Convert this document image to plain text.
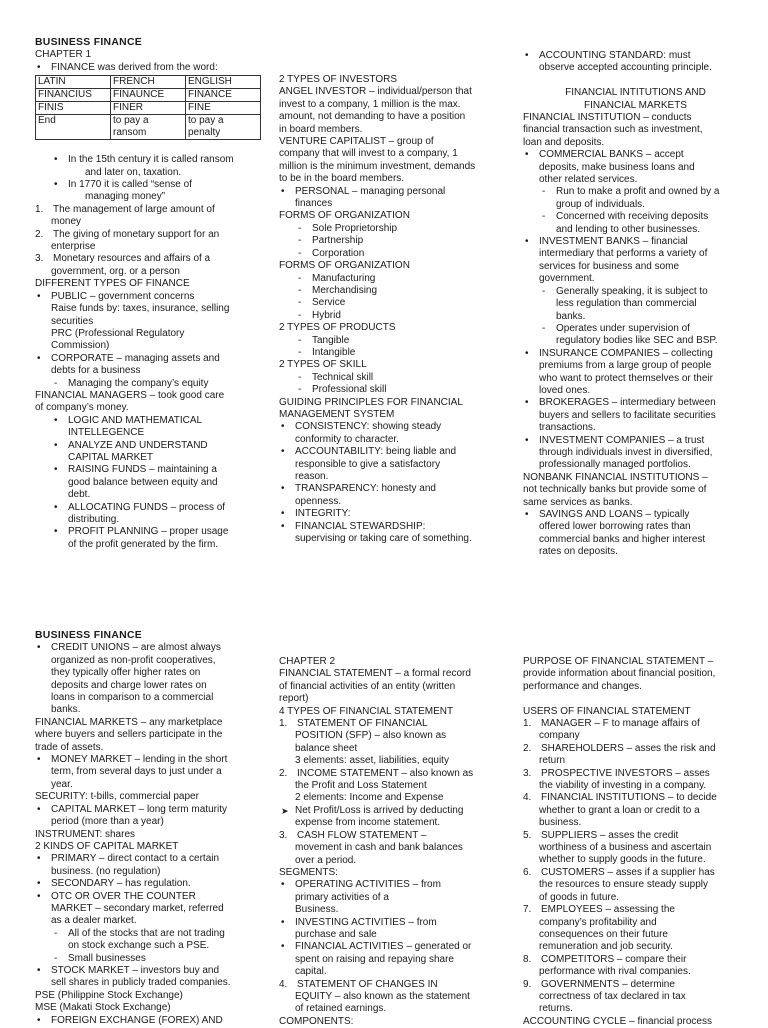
BUSINESS FINANCE
CHAPTER 1
• FINANCE was derived from the word:
LATIN	FRENCH	ENGLISH
FINANCIUS	FINAUNCE	FINANCE
FINIS	FINER	FINE
End	to pay a ransom	to pay a penalty
• In the 15th century it is called ransom
and later on, taxation.
• In 1770 it is called “sense of
managing money”
1. The management of large amount of
money
2. The giving of monetary support for an
enterprise
3. Monetary resources and affairs of a
government, org. or a person
DIFFERENT TYPES OF FINANCE
• PUBLIC – government concerns
Raise funds by: taxes, insurance, selling
securities
PRC (Professional Regulatory
Commission)
• CORPORATE – managing assets and
debts for a business
- Managing the company’s equity
FINANCIAL MANAGERS – took good care
of company’s money.
• LOGIC AND MATHEMATICAL
INTELLEGENCE
• ANALYZE AND UNDERSTAND
CAPITAL MARKET
• RAISING FUNDS – maintaining a
good balance between equity and
debt.
• ALLOCATING FUNDS – process of
distributing.
• PROFIT PLANNING – proper usage
of the profit generated by the firm.
2 TYPES OF INVESTORS
ANGEL INVESTOR – individual/person that
invest to a company, 1 million is the max.
amount, not demanding to have a position
in board members.
VENTURE CAPITALIST – group of
company that will invest to a company, 1
million is the minimum investment, demands
to be in the board members.
• PERSONAL – managing personal
finances
FORMS OF ORGANIZATION
- Sole Proprietorship
- Partnership
- Corporation
FORMS OF ORGANIZATION
- Manufacturing
- Merchandising
- Service
- Hybrid
2 TYPES OF PRODUCTS
- Tangible
- Intangible
2 TYPES OF SKILL
- Technical skill
- Professional skill
GUIDING PRINCIPLES FOR FINANCIAL
MANAGEMENT SYSTEM
• CONSISTENCY: showing steady
conformity to character.
• ACCOUNTABILITY: being liable and
responsible to give a satisfactory
reason.
• TRANSPARENCY: honesty and
openness.
• INTEGRITY:
• FINANCIAL STEWARDSHIP:
supervising or taking care of something.
• ACCOUNTING STANDARD: must
observe accepted accounting principle.
FINANCIAL INTITUTIONS AND
FINANCIAL MARKETS
FINANCIAL INSTITUTION – conducts
financial transaction such as investment,
loan and deposits.
• COMMERCIAL BANKS – accept
deposits, make business loans and
other related services.
- Run to make a profit and owned by a
group of individuals.
- Concerned with receiving deposits
and lending to other businesses.
• INVESTMENT BANKS – financial
intermediary that performs a variety of
services for business and some
government.
- Generally speaking, it is subject to
less regulation than commercial
banks.
- Operates under supervision of
regulatory bodies like SEC and BSP.
• INSURANCE COMPANIES – collecting
premiums from a large group of people
who want to protect themselves or their
loved ones.
• BROKERAGES – intermediary between
buyers and sellers to facilitate securities
transactions.
• INVESTMENT COMPANIES – a trust
through individuals invest in diversified,
professionally managed portfolios.
NONBANK FINANCIAL INSTITUTIONS –
not technically banks but provide some of
same services as banks.
• SAVINGS AND LOANS – typically
offered lower borrowing rates than
commercial banks and higher interest
rates on deposits.
BUSINESS FINANCE
• CREDIT UNIONS – are almost always
organized as non-profit cooperatives,
they typically offer higher rates on
deposits and charge lower rates on
loans in comparison to a commercial
banks.
FINANCIAL MARKETS – any marketplace
where buyers and sellers participate in the
trade of assets.
• MONEY MARKET – lending in the short
term, from several days to just under a
year.
SECURITY: t-bills, commercial paper
• CAPITAL MARKET – long term maturity
period (more than a year)
INSTRUMENT: shares
2 KINDS OF CAPITAL MARKET
• PRIMARY – direct contact to a certain
business. (no regulation)
• SECONDARY – has regulation.
• OTC OR OVER THE COUNTER
MARKET – secondary market, referred
as a dealer market.
- All of the stocks that are not trading
on stock exchange such a PSE.
- Small businesses
• STOCK MARKET – investors buy and
sell shares in publicly traded companies.
PSE (Philippine Stock Exchange)
MSE (Makati Stock Exchange)
• FOREIGN EXCHANGE (FOREX) AND
CHAPTER 2
FINANCIAL STATEMENT – a formal record
of financial activities of an entity (written
report)
4 TYPES OF FINANCIAL STATEMENT
1. STATEMENT OF FINANCIAL
POSITION (SFP) – also known as
balance sheet
3 elements: asset, liabilities, equity
2. INCOME STATEMENT – also known as
the Profit and Loss Statement
2 elements: Income and Expense
➤ Net Profit/Loss is arrived by deducting
expense from income statement.
3. CASH FLOW STATEMENT –
movement in cash and bank balances
over a period.
SEGMENTS:
• OPERATING ACTIVITIES – from
primary activities of a
Business.
• INVESTING ACTIVITIES – from
purchase and sale
• FINANCIAL ACTIVITIES – generated or
spent on raising and repaying share
capital.
4. STATEMENT OF CHANGES IN
EQUITY – also known as the statement
of retained earnings.
COMPONENTS:
PURPOSE OF FINANCIAL STATEMENT –
provide information about financial position,
performance and changes.
USERS OF FINANCIAL STATEMENT
1. MANAGER – F to manage affairs of
company
2. SHAREHOLDERS – asses the risk and
return
3. PROSPECTIVE INVESTORS – asses
the viability of investing in a company.
4. FINANCIAL INSTITUTIONS – to decide
whether to grant a loan or credit to a
business.
5. SUPPLIERS – asses the credit
worthiness of a business and ascertain
whether to supply goods in the future.
6. CUSTOMERS – asses if a supplier has
the resources to ensure steady supply
of goods in future.
7. EMPLOYEES – assessing the
company’s profitability and
consequences on their future
remuneration and job security.
8. COMPETITORS – compare their
performance with rival companies.
9. GOVERNMENTS – determine
correctness of tax declared in tax
returns.
ACCOUNTING CYCLE – financial process
